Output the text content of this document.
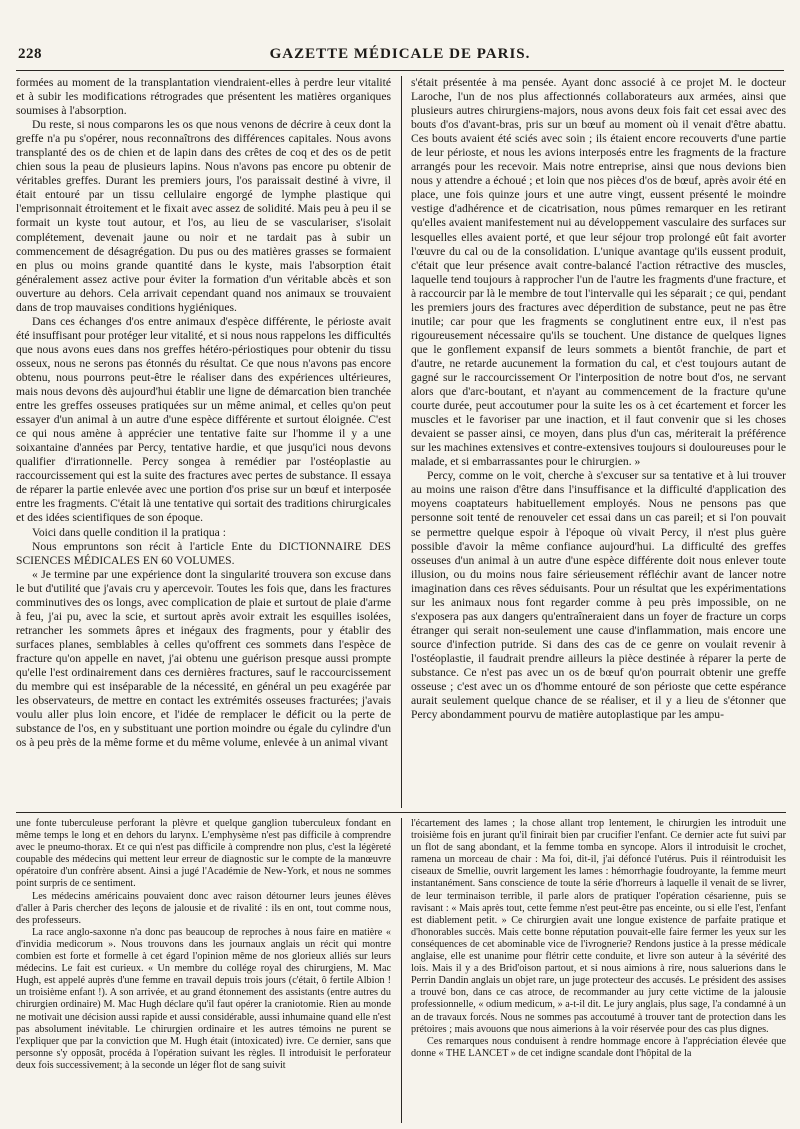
228	GAZETTE MÉDICALE DE PARIS.

formées au moment de la transplantation viendraient-elles à perdre leur vitalité et à subir les modifications rétrogrades que présentent les matières organiques soumises à l'absorption.

Du reste, si nous comparons les os que nous venons de décrire à ceux dont la greffe n'a pu s'opérer, nous reconnaîtrons des différences capitales. Nous avons transplanté des os de chien et de lapin dans des crêtes de coq et des os de petit chien sous la peau de plusieurs lapins. Nous n'avons pas encore pu obtenir de véritables greffes. Durant les premiers jours, l'os paraissait destiné à vivre, il était entouré par un tissu cellulaire engorgé de lymphe plastique qui l'emprisonnait étroitement et le fixait avec assez de solidité. Mais peu à peu il se formait un kyste tout autour, et l'os, au lieu de se vasculariser, s'isolait complétement, devenait jaune ou noir et ne tardait pas à subir un commencement de désagrégation. Du pus ou des matières grasses se formaient en plus ou moins grande quantité dans le kyste, mais l'absorption était généralement assez active pour éviter la formation d'un véritable abcès et son ouverture au dehors. Cela arrivait cependant quand nos animaux se trouvaient dans de trop mauvaises conditions hygiéniques.

Dans ces échanges d'os entre animaux d'espèce différente, le périoste avait été insuffisant pour protéger leur vitalité, et si nous nous rappelons les difficultés que nous avons eues dans nos greffes hétéro-périostiques pour obtenir du tissu osseux, nous ne serons pas étonnés du résultat. Ce que nous n'avons pas encore obtenu, nous pourrons peut-être le réaliser dans des expériences ultérieures, mais nous devons dès aujourd'hui établir une ligne de démarcation bien tranchée entre les greffes osseuses pratiquées sur un même animal, et celles qu'on peut essayer d'un animal à un autre d'une espèce différente et surtout éloignée. C'est ce qui nous amène à apprécier une tentative faite sur l'homme il y a une soixantaine d'années par Percy, tentative hardie, et que jusqu'ici nous devons qualifier d'irrationnelle. Percy songea à remédier par l'ostéoplastie au raccourcissement qui est la suite des fractures avec pertes de substance. Il essaya de réparer la partie enlevée avec une portion d'os prise sur un bœuf et interposée entre les fragments. C'était là une tentative qui sortait des traditions chirurgicales et des idées scientifiques de son époque.

Voici dans quelle condition il la pratiqua :

Nous empruntons son récit à l'article Ente du DICTIONNAIRE DES SCIENCES MÉDICALES EN 60 VOLUMES.

« Je termine par une expérience dont la singularité trouvera son excuse dans le but d'utilité que j'avais cru y apercevoir. Toutes les fois que, dans les fractures comminutives des os longs, avec complication de plaie et surtout de plaie d'arme à feu, j'ai pu, avec la scie, et surtout après avoir extrait les esquilles isolées, retrancher les sommets âpres et inégaux des fragments, pour y établir des surfaces planes, semblables à celles qu'offrent ces sommets dans l'espèce de fracture qu'on appelle en navet, j'ai obtenu une guérison presque aussi prompte qu'elle l'est ordinairement dans ces dernières fractures, sauf le raccourcissement du membre qui est inséparable de la nécessité, en général un peu exagérée par les observateurs, de mettre en contact les extrémités osseuses fracturées; j'avais voulu aller plus loin encore, et l'idée de remplacer le déficit ou la perte de substance de l'os, en y substituant une portion moindre ou égale du cylindre d'un os à peu près de la même forme et du même volume, enlevée à un animal vivant

s'était présentée à ma pensée. Ayant donc associé à ce projet M. le docteur Laroche, l'un de nos plus affectionnés collaborateurs aux armées, ainsi que plusieurs autres chirurgiens-majors, nous avons deux fois fait cet essai avec des bouts d'os d'avant-bras, pris sur un bœuf au moment où il venait d'être abattu. Ces bouts avaient été sciés avec soin ; ils étaient encore recouverts d'une partie de leur périoste, et nous les avions interposés entre les fragments de la fracture arrangés pour les recevoir. Mais notre entreprise, ainsi que nous devions bien nous y attendre a échoué ; et loin que nos pièces d'os de bœuf, après avoir été en place, une fois quinze jours et une autre vingt, eussent présenté le moindre vestige d'adhérence et de cicatrisation, nous pûmes remarquer en les retirant qu'elles avaient manifestement nui au développement vasculaire des surfaces sur lesquelles elles avaient porté, et que leur séjour trop prolongé eût fait avorter l'œuvre du cal ou de la consolidation. L'unique avantage qu'ils eussent produit, c'était que leur présence avait contre-balancé l'action rétractive des muscles, laquelle tend toujours à rapprocher l'un de l'autre les fragments d'une fracture, et à raccourcir par là le membre de tout l'intervalle qui les séparait ; ce qui, pendant les premiers jours des fractures avec déperdition de substance, peut ne pas être inutile; car pour que les fragments se conglutinent entre eux, il n'est pas rigoureusement nécessaire qu'ils se touchent. Une distance de quelques lignes que le gonflement expansif de leurs sommets a bientôt franchie, de part et d'autre, ne retarde aucunement la formation du cal, et c'est toujours autant de gagné sur le raccourcissement Or l'interposition de notre bout d'os, ne servant alors que d'arc-boutant, et n'ayant au commencement de la fracture qu'une courte durée, peut accoutumer pour la suite les os à cet écartement et forcer les muscles et le favoriser par une inaction, et il faut convenir que si les choses devaient se passer ainsi, ce moyen, dans plus d'un cas, mériterait la préférence sur les machines extensives et contre-extensives toujours si douloureuses pour le malade, et si embarrassantes pour le chirurgien. »

Percy, comme on le voit, cherche à s'excuser sur sa tentative et à lui trouver au moins une raison d'être dans l'insuffisance et la difficulté d'application des moyens coaptateurs habituellement employés. Nous ne pensons pas que personne soit tenté de renouveler cet essai dans un cas pareil; et si l'on pouvait se permettre quelque espoir à l'époque où vivait Percy, il n'est plus guère possible d'avoir la même confiance aujourd'hui. La difficulté des greffes osseuses d'un animal à un autre d'une espèce différente doit nous enlever toute illusion, ou du moins nous faire sérieusement réfléchir avant de lancer notre imagination dans ces rêves séduisants. Pour un résultat que les expérimentations sur les animaux nous font regarder comme à peu près impossible, on ne s'exposera pas aux dangers qu'entraîneraient dans un foyer de fracture un corps étranger qui serait non-seulement une cause d'inflammation, mais encore une source d'infection putride. Si dans des cas de ce genre on voulait revenir à l'ostéoplastie, il faudrait prendre ailleurs la pièce destinée à réparer la perte de substance. Ce n'est pas avec un os de bœuf qu'on pourrait obtenir une greffe osseuse ; c'est avec un os d'homme entouré de son périoste que cette espérance aurait seulement quelque chance de se réaliser, et il y a lieu de s'étonner que Percy abondamment pourvu de matière autoplastique par les ampu-

une fonte tuberculeuse perforant la plèvre et quelque ganglion tuberculeux fondant en même temps le long et en dehors du larynx. L'emphysème n'est pas difficile à comprendre avec le pneumo-thorax. Et ce qui n'est pas difficile à comprendre non plus, c'est la légèreté coupable des médecins qui mettent leur erreur de diagnostic sur le compte de la manœuvre opératoire d'un confrère absent. Ainsi a jugé l'Académie de New-York, et nous ne sommes point surpris de ce sentiment.

Les médecins américains pouvaient donc avec raison détourner leurs jeunes élèves d'aller à Paris chercher des leçons de jalousie et de rivalité : ils en ont, tout comme nous, des professeurs.

La race anglo-saxonne n'a donc pas beaucoup de reproches à nous faire en matière « d'invidia medicorum ». Nous trouvons dans les journaux anglais un récit qui montre combien est forte et formelle à cet égard l'opinion même de nos glorieux alliés sur leurs médecins. Le fait est curieux. « Un membre du collége royal des chirurgiens, M. Mac Hugh, est appelé auprès d'une femme en travail depuis trois jours (c'était, ô fertile Albion ! un troisième enfant !). A son arrivée, et au grand étonnement des assistants (entre autres du chirurgien ordinaire) M. Mac Hugh déclare qu'il faut opérer la craniotomie. Rien au monde ne motivait une décision aussi rapide et aussi considérable, aussi inhumaine quand elle n'est pas absolument inévitable. Le chirurgien ordinaire et les autres témoins ne purent se l'expliquer que par la conviction que M. Hugh était (intoxicated) ivre. Ce dernier, sans que personne s'y opposât, procéda à l'opération suivant les règles. Il introduisit le perforateur deux fois successivement; à la seconde un léger flot de sang suivit

l'écartement des lames ; la chose allant trop lentement, le chirurgien les introduit une troisième fois en jurant qu'il finirait bien par crucifier l'enfant. Ce dernier acte fut suivi par un flot de sang abondant, et la femme tomba en syncope. Alors il introduisit le crochet, ramena un morceau de chair : Ma foi, dit-il, j'ai défoncé l'utérus. Puis il réintroduisit les ciseaux de Smellie, ouvrit largement les lames : hémorrhagie foudroyante, la femme meurt instantanément. Sans conscience de toute la série d'horreurs à laquelle il venait de se livrer, de leur terminaison terrible, il parle alors de pratiquer l'opération césarienne, puis se ravisant : « Mais après tout, cette femme n'est peut-être pas enceinte, ou si elle l'est, l'enfant est diablement petit. » Ce chirurgien avait une longue existence de parfaite pratique et d'honorables succès. Mais cette bonne réputation pouvait-elle faire fermer les yeux sur les conséquences de cet abominable vice de l'ivrognerie? Rendons justice à la presse médicale anglaise, elle est unanime pour flétrir cette conduite, et livre son auteur à la sévérité des lois. Mais il y a des Brid'oison partout, et si nous aimions à rire, nous saluerions dans le Perrin Dandin anglais un objet rare, un juge protecteur des accusés. Le président des assises a trouvé bon, dans ce cas atroce, de recommander au jury cette victime de la jalousie professionnelle, « odium medicum, » a-t-il dit. Le jury anglais, plus sage, l'a condamné à un an de travaux forcés. Nous ne sommes pas accoutumé à trouver tant de protection dans les prétoires ; mais avouons que nous aimerions à la voir réservée pour des cas plus dignes.

Ces remarques nous conduisent à rendre hommage encore à l'appréciation élevée que donne « THE LANCET » de cet indigne scandale dont l'hôpital de la
